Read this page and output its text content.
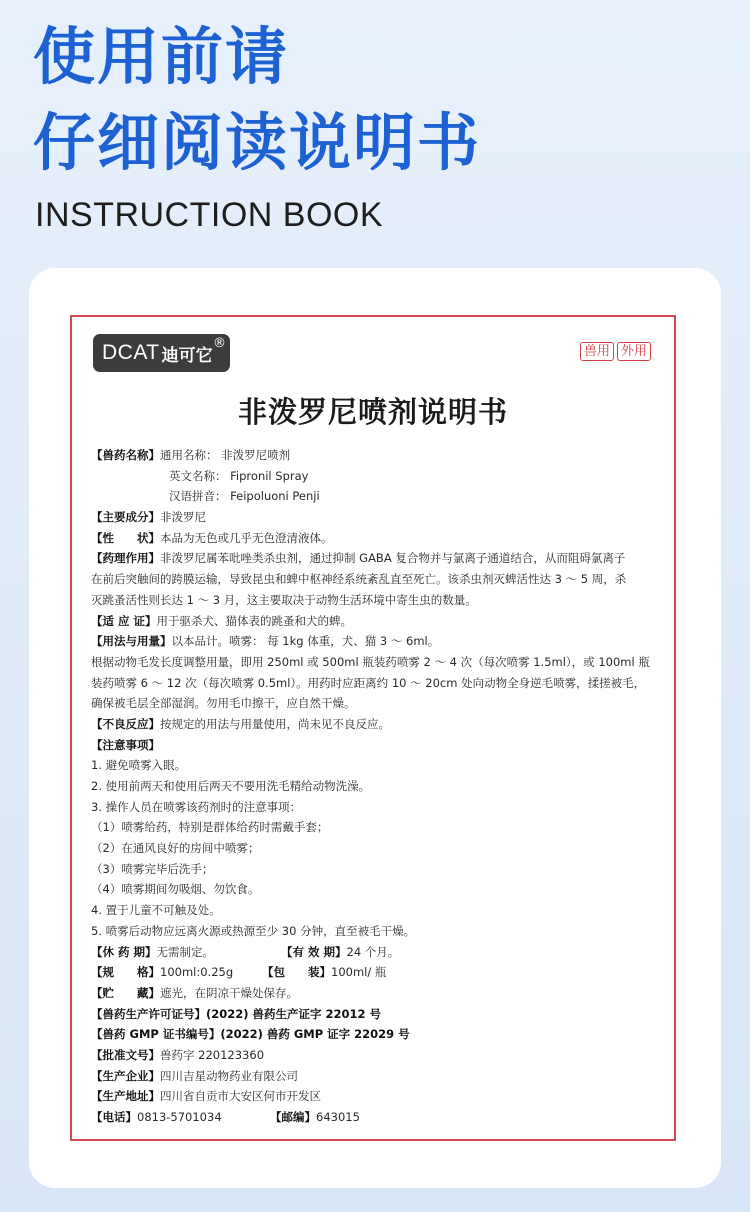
使用前请
仔细阅读说明书

INSTRUCTION BOOK

DCAT 迪可它
®
兽用 外用
非泼罗尼喷剂说明书
【兽药名称】通用名称： 非泼罗尼喷剂
英文名称： Fipronil Spray
汉语拼音： Feipoluoni Penji
【主要成分】非泼罗尼
【性　　状】本品为无色或几乎无色澄清液体。
【药理作用】非泼罗尼属苯吡唑类杀虫剂，通过抑制 GABA 复合物并与氯离子通道结合，从而阻碍氯离子
在前后突触间的跨膜运输，导致昆虫和蜱中枢神经系统紊乱直至死亡。该杀虫剂灭蜱活性达 3 ～ 5 周，杀
灭跳蚤活性则长达 1 ～ 3 月，这主要取决于动物生活环境中寄生虫的数量。
【适 应 证】用于驱杀犬、猫体表的跳蚤和犬的蜱。
【用法与用量】以本品计。喷雾： 每 1kg 体重，犬、猫 3 ～ 6ml。
根据动物毛发长度调整用量，即用 250ml 或 500ml 瓶装药喷雾 2 ～ 4 次（每次喷雾 1.5ml），或 100ml 瓶
装药喷雾 6 ～ 12 次（每次喷雾 0.5ml）。用药时应距离约 10 ～ 20cm 处向动物全身逆毛喷雾，揉搓被毛，
确保被毛层全部湿润。勿用毛巾擦干，应自然干燥。
【不良反应】按规定的用法与用量使用，尚未见不良反应。
【注意事项】
1. 避免喷雾入眼。
2. 使用前两天和使用后两天不要用洗毛精给动物洗澡。
3. 操作人员在喷雾该药剂时的注意事项：
（1）喷雾给药，特别是群体给药时需戴手套；
（2）在通风良好的房间中喷雾；
（3）喷雾完毕后洗手；
（4）喷雾期间勿吸烟、勿饮食。
4. 置于儿童不可触及处。
5. 喷雾后动物应远离火源或热源至少 30 分钟，直至被毛干燥。
【休 药 期】无需制定。	【有 效 期】24 个月。
【规　　格】100ml:0.25g	【包　　装】100ml/ 瓶
【贮　　藏】遮光，在阴凉干燥处保存。
【兽药生产许可证号】(2022) 兽药生产证字 22012 号
【兽药 GMP 证书编号】(2022) 兽药 GMP 证字 22029 号
【批准文号】兽药字 220123360
【生产企业】四川吉星动物药业有限公司
【生产地址】四川省自贡市大安区何市开发区
【电话】0813-5701034	【邮编】643015
